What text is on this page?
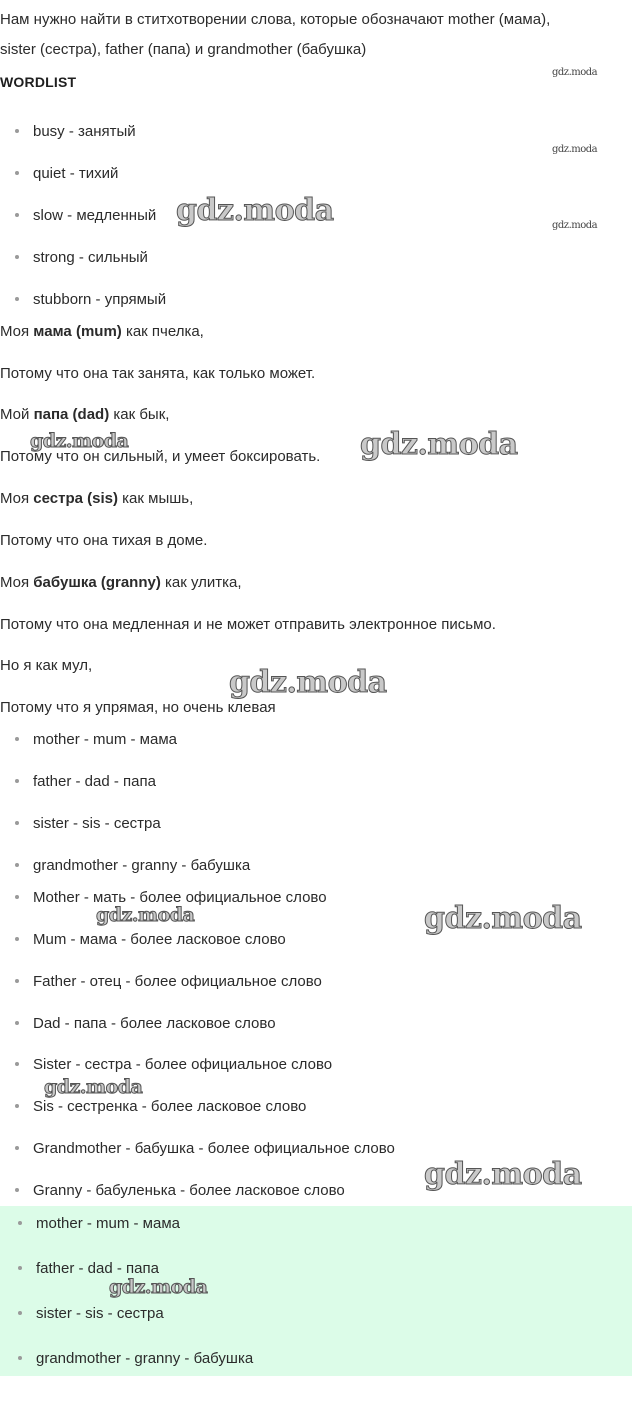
Нам нужно найти в ститхотворении слова, которые обозначают mother (мама),

sister (сестра), father (папа) и grandmother (бабушка)

WORDLIST

busy - занятый
quiet - тихий
slow - медленный
strong - сильный
stubborn - упрямый

Моя мама (mum) как пчелка,

Потому что она так занята, как только может.

Мой папа (dad) как бык,

Потому что он сильный, и умеет боксировать.

Моя сестра (sis) как мышь,

Потому что она тихая в доме.

Моя бабушка (granny) как улитка,

Потому что она медленная и не может отправить электронное письмо.

Но я как мул,

Потому что я упрямая, но очень клевая

mother - mum - мама
father - dad - папа
sister - sis - сестра
grandmother - granny - бабушка
Mother - мать - более официальное слово
Mum - мама - более ласковое слово
Father - отец - более официальное слово
Dad - папа - более ласковое слово
Sister - сестра - более официальное слово
Sis - сестренка - более ласковое слово
Grandmother - бабушка - более официальное слово
Granny - бабуленька - более ласковое слово
mother - mum - мама
father - dad - папа
sister - sis - сестра
grandmother - granny - бабушка
gdz.moda
gdz.moda
gdz.moda
gdz.moda
gdz.moda	gdz.moda
gdz.moda
gdz.moda	gdz.moda
gdz.moda
gdz.moda
gdz.moda
